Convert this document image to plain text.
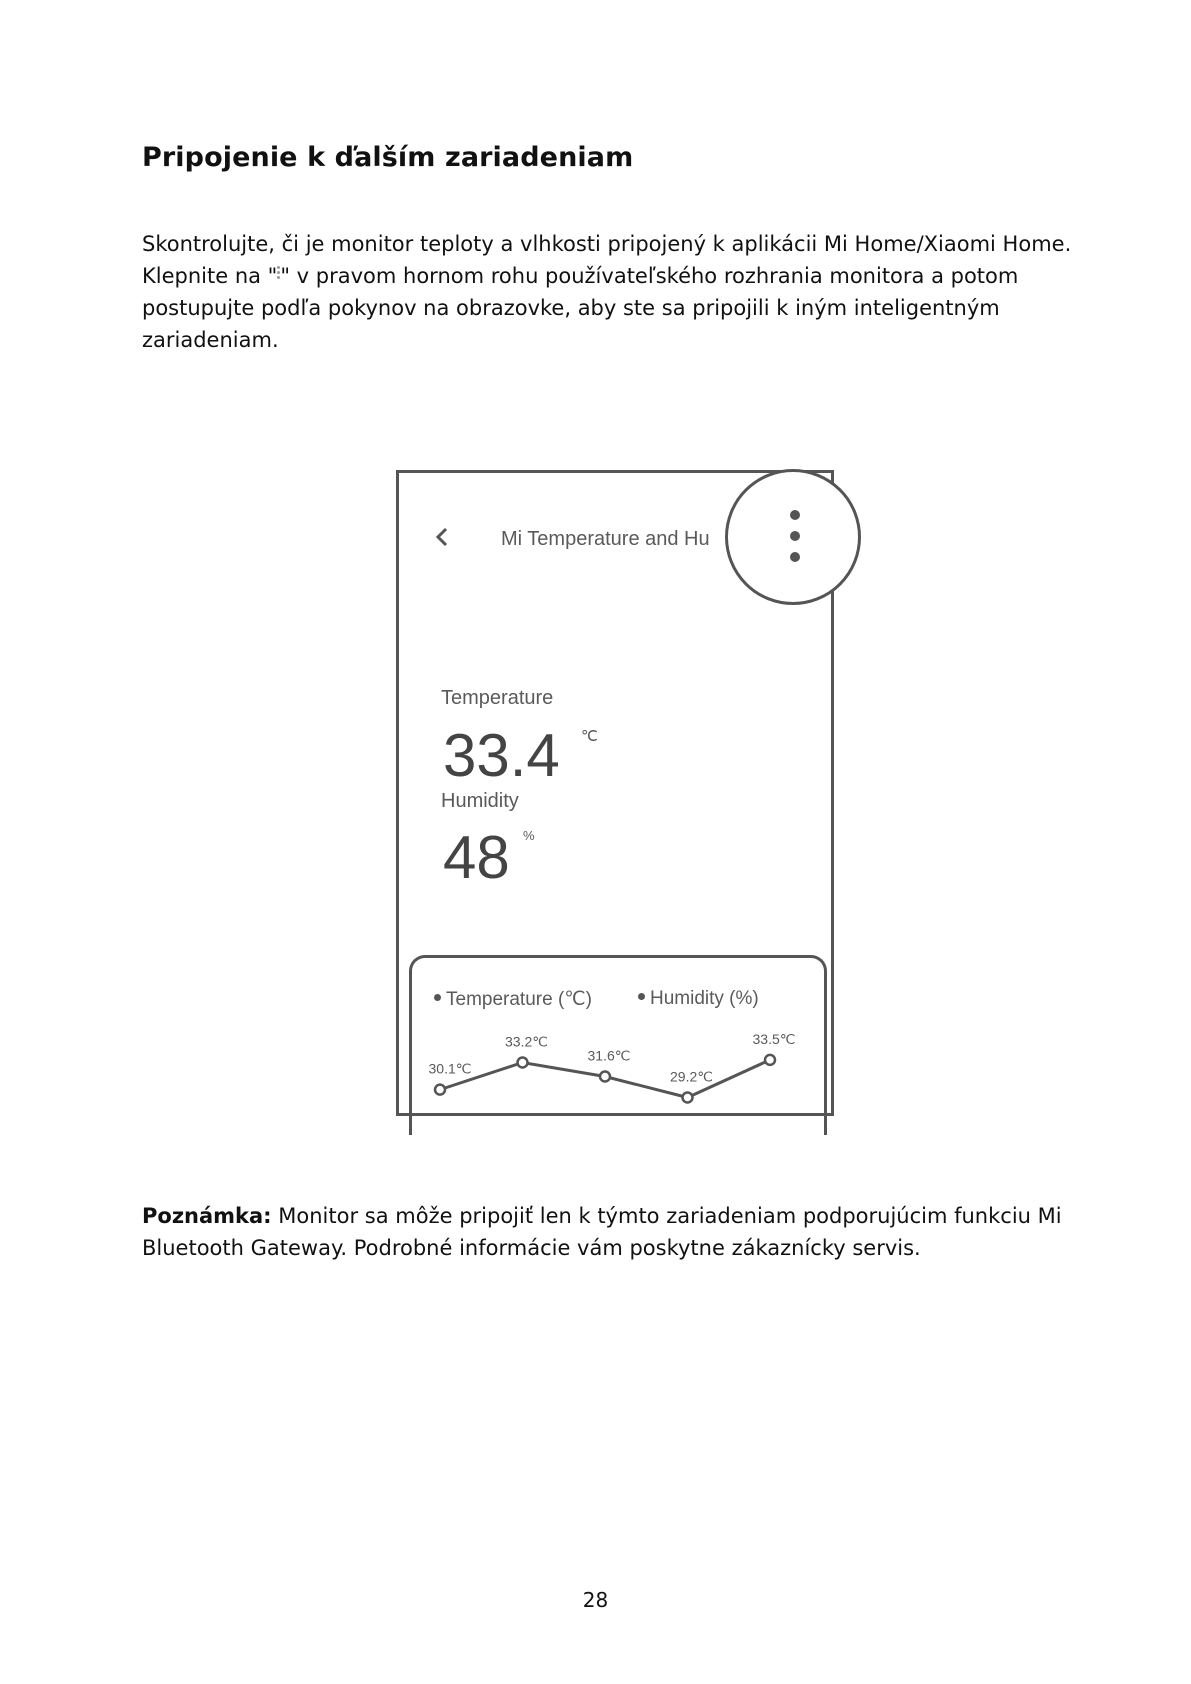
Pripojenie k ďalším zariadeniam

Skontrolujte, či je monitor teploty a vlhkosti pripojený k aplikácii Mi Home/Xiaomi Home.
Klepnite na " " v pravom hornom rohu používateľského rozhrania monitora a potom
postupujte podľa pokynov na obrazovke, aby ste sa pripojili k iným inteligentným
zariadeniam.

Mi Temperature and Hu
Temperature
33.4 ℃
Humidity
48 %
Temperature (℃)	Humidity (%)
30.1℃
33.2℃
31.6℃
29.2℃
33.5℃

Poznámka: Monitor sa môže pripojiť len k týmto zariadeniam podporujúcim funkciu Mi
Bluetooth Gateway. Podrobné informácie vám poskytne zákaznícky servis.

28
